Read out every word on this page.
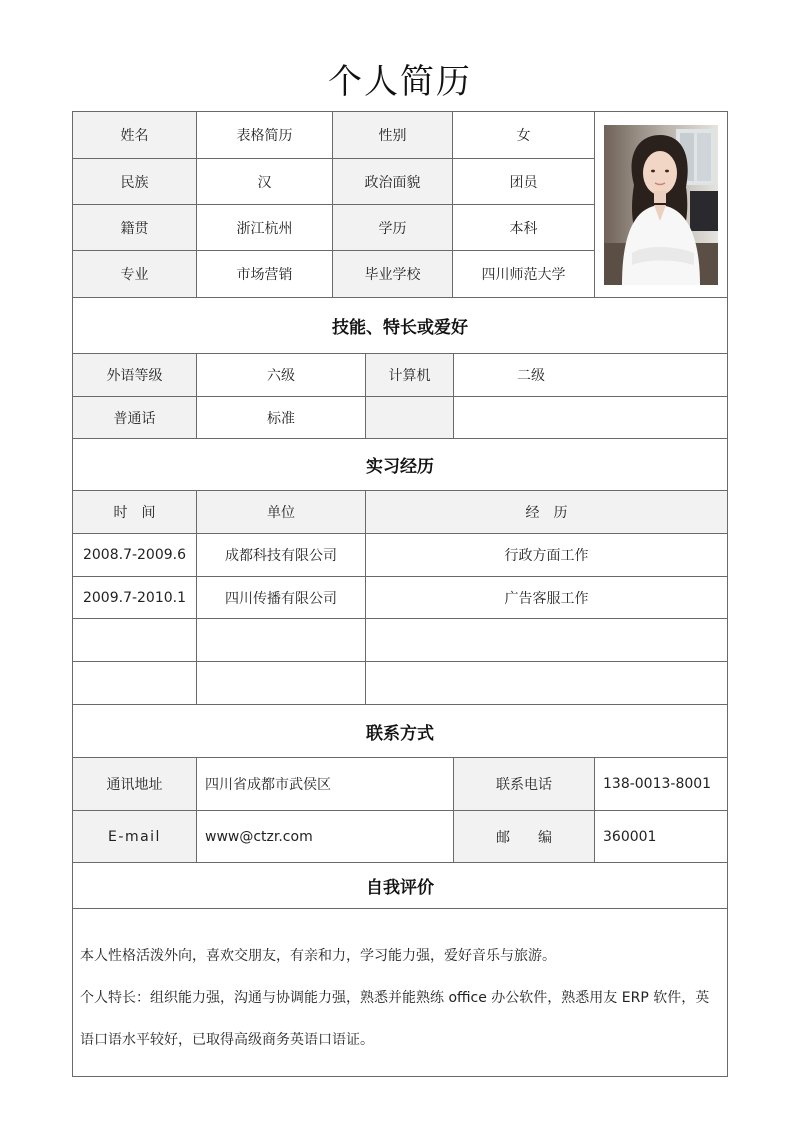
个人简历
姓名	表格简历	性别	女
民族	汉	政治面貌	团员
籍贯	浙江杭州	学历	本科
专业	市场营销	毕业学校	四川师范大学
技能、特长或爱好
外语等级	六级	计算机	二级
普通话	标准
实习经历
时　间	单位	经　历
2008.7-2009.6	成都科技有限公司	行政方面工作
2009.7-2010.1	四川传播有限公司	广告客服工作
联系方式
通讯地址	四川省成都市武侯区	联系电话	138-0013-8001
E-mail	www@ctzr.com	邮　　编	360001
自我评价

本人性格活泼外向，喜欢交朋友，有亲和力，学习能力强，爱好音乐与旅游。

个人特长：组织能力强，沟通与协调能力强，熟悉并能熟练 office 办公软件，熟悉用友 ERP 软件，英语口语水平较好，已取得高级商务英语口语证。
